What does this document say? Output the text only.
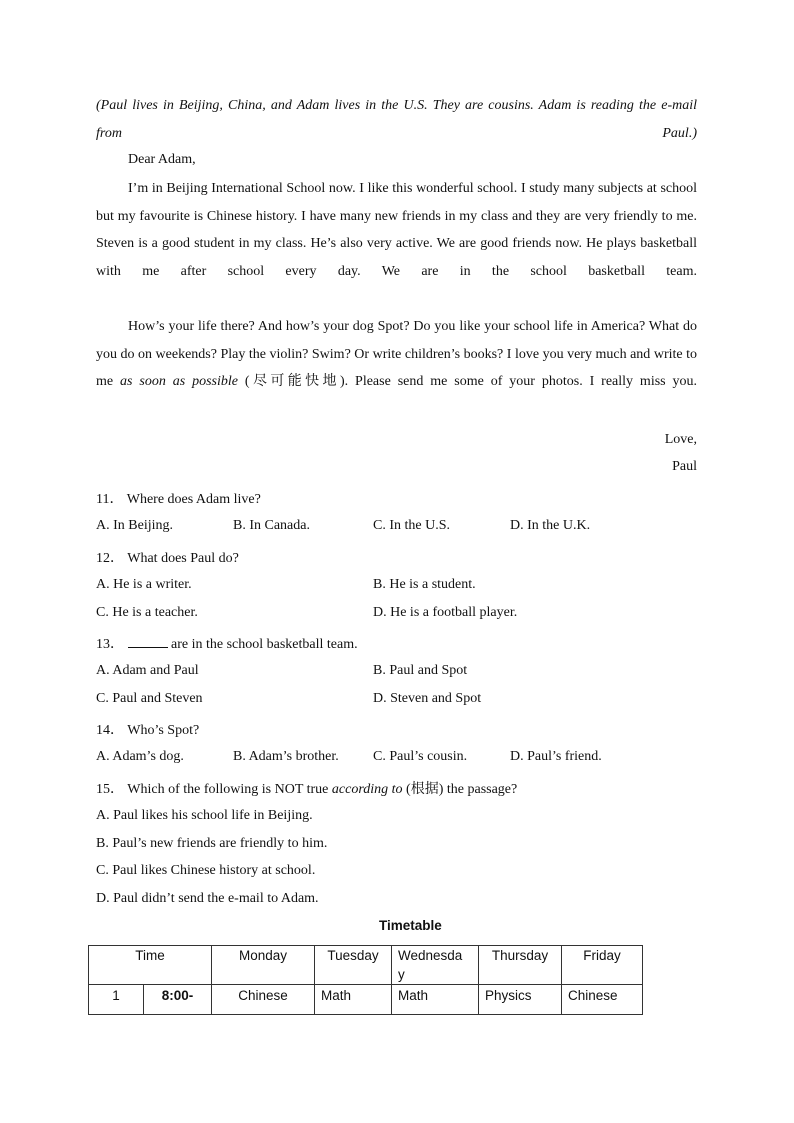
(Paul lives in Beijing, China, and Adam lives in the U.S. They are cousins. Adam is reading the e-mail from Paul.)
Dear Adam,
I’m in Beijing International School now. I like this wonderful school. I study many subjects at school but my favourite is Chinese history. I have many new friends in my class and they are very friendly to me. Steven is a good student in my class. He’s also very active. We are good friends now. He plays basketball with me after school every day. We are in the school basketball team.
How’s your life there? And how’s your dog Spot? Do you like your school life in America? What do you do on weekends? Play the violin? Swim? Or write children’s books? I love you very much and write to me as soon as possible (尽可能快地). Please send me some of your photos. I really miss you.
Love,
Paul
11． Where does Adam live?
A. In Beijing.	B. In Canada.	C. In the U.S.	D. In the U.K.
12． What does Paul do?
A. He is a writer.	B. He is a student.
C. He is a teacher.	D. He is a football player.
13．	are in the school basketball team.
A. Adam and Paul	B. Paul and Spot
C. Paul and Steven	D. Steven and Spot
14． Who’s Spot?
A. Adam’s dog.	B. Adam’s brother. C. Paul’s cousin.	D. Paul’s friend.
15． Which of the following is NOT true according to (根据) the passage?
A. Paul likes his school life in Beijing.
B. Paul’s new friends are friendly to him.
C. Paul likes Chinese history at school.
D. Paul didn’t send the e-mail to Adam.
Timetable
Time		Monday	Tuesday	Wednesda y	Thursday	Friday
1	8:00-	Chinese	Math	Math	Physics	Chinese
